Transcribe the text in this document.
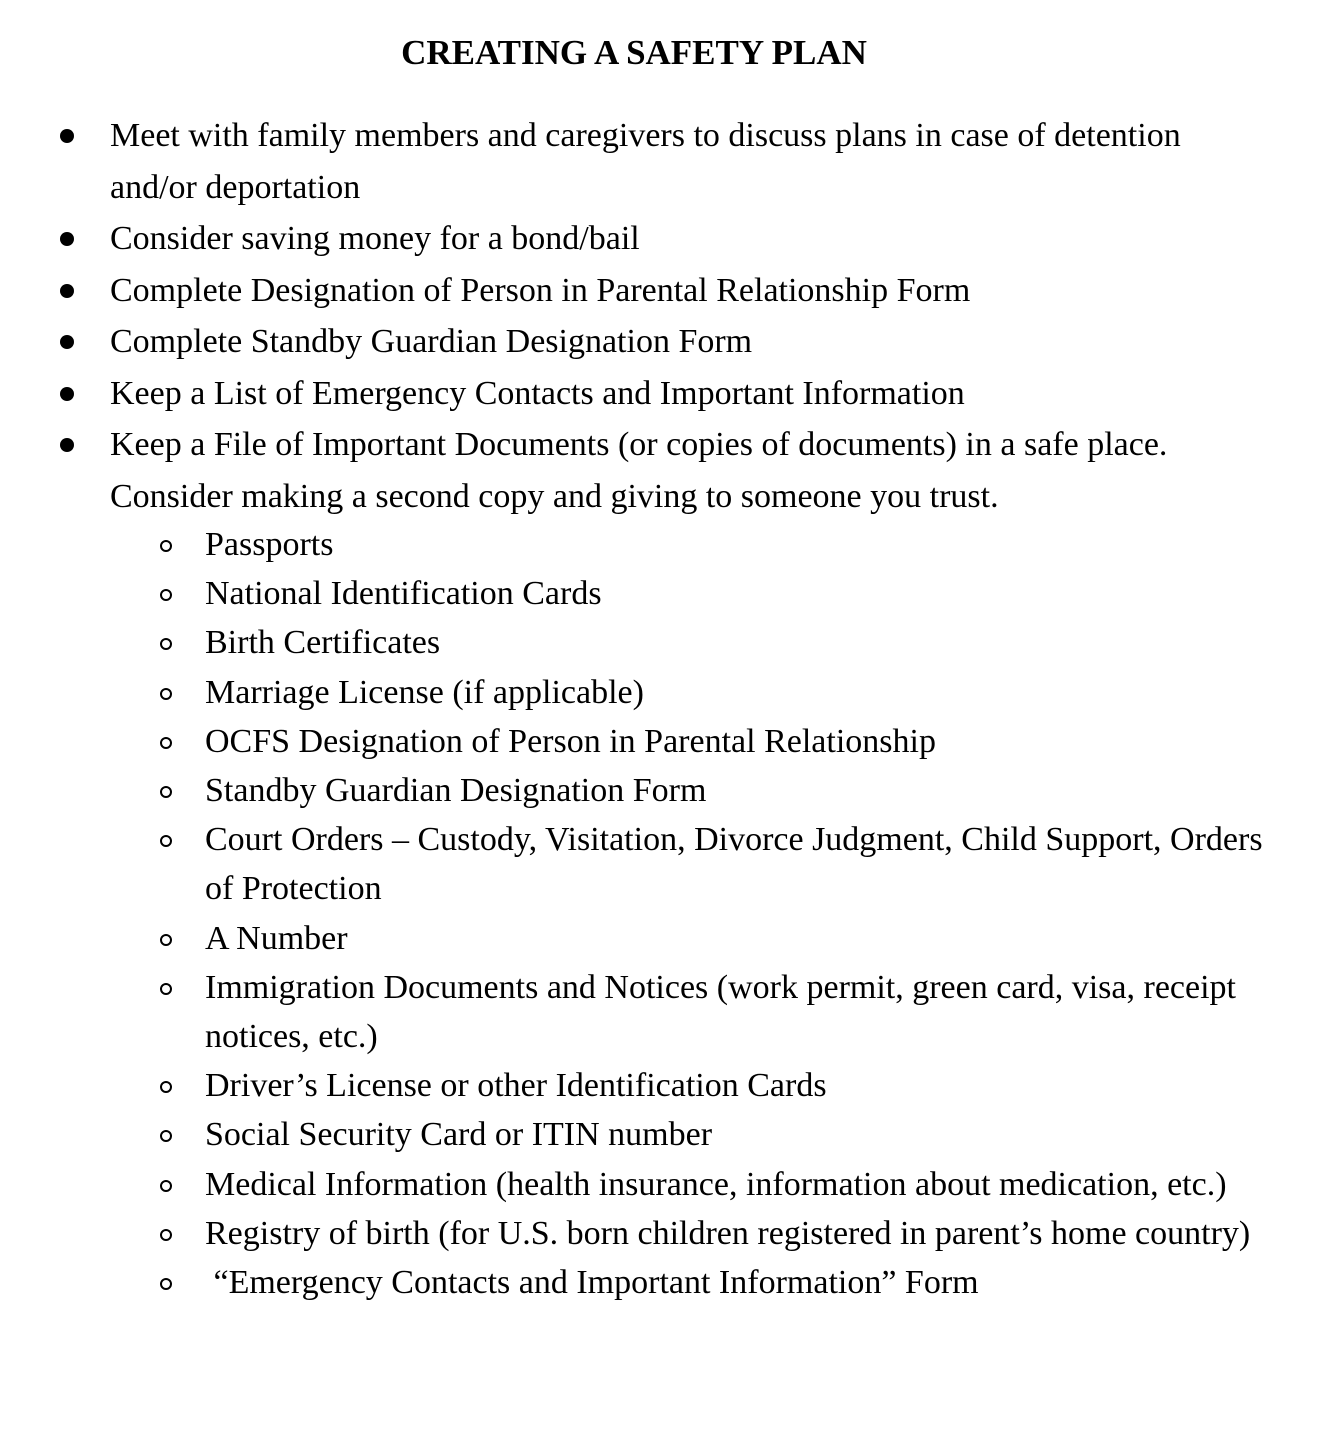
CREATING A SAFETY PLAN
Meet with family members and caregivers to discuss plans in case of detention and/or deportation
Consider saving money for a bond/bail
Complete Designation of Person in Parental Relationship Form
Complete Standby Guardian Designation Form
Keep a List of Emergency Contacts and Important Information
Keep a File of Important Documents (or copies of documents) in a safe place. Consider making a second copy and giving to someone you trust.
Passports
National Identification Cards
Birth Certificates
Marriage License (if applicable)
OCFS Designation of Person in Parental Relationship
Standby Guardian Designation Form
Court Orders – Custody, Visitation, Divorce Judgment, Child Support, Orders of Protection
A Number
Immigration Documents and Notices (work permit, green card, visa, receipt notices, etc.)
Driver’s License or other Identification Cards
Social Security Card or ITIN number
Medical Information (health insurance, information about medication, etc.)
Registry of birth (for U.S. born children registered in parent’s home country)
“Emergency Contacts and Important Information” Form
